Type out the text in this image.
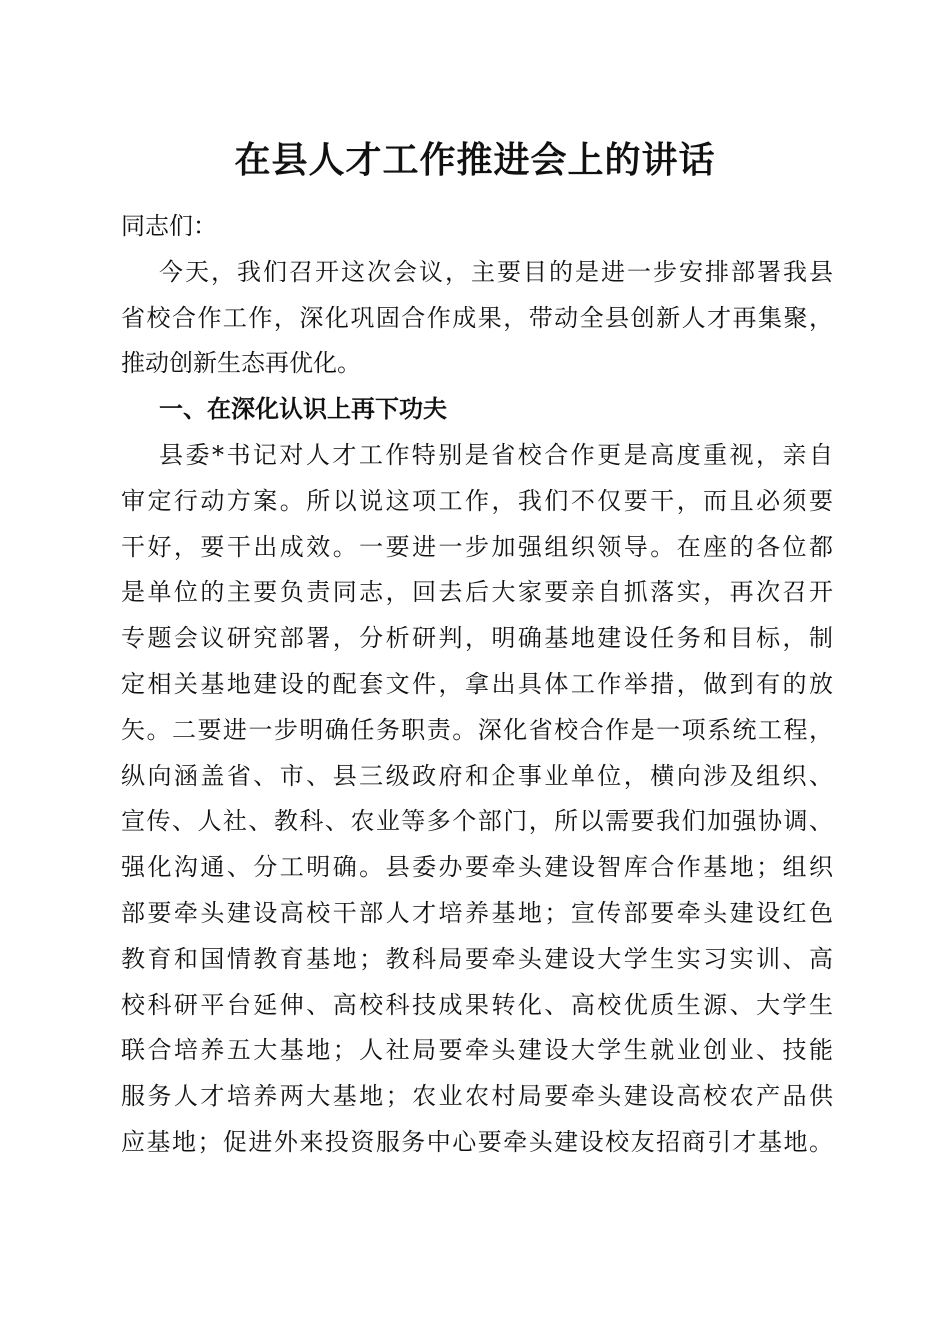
在县人才工作推进会上的讲话

同志们：

今天，我们召开这次会议，主要目的是进一步安排部署我县

省校合作工作，深化巩固合作成果，带动全县创新人才再集聚，

推动创新生态再优化。

一、在深化认识上再下功夫

县委*书记对人才工作特别是省校合作更是高度重视，亲自

审定行动方案。所以说这项工作，我们不仅要干，而且必须要

干好，要干出成效。一要进一步加强组织领导。在座的各位都

是单位的主要负责同志，回去后大家要亲自抓落实，再次召开

专题会议研究部署，分析研判，明确基地建设任务和目标，制

定相关基地建设的配套文件，拿出具体工作举措，做到有的放

矢。二要进一步明确任务职责。深化省校合作是一项系统工程，

纵向涵盖省、市、县三级政府和企事业单位，横向涉及组织、

宣传、人社、教科、农业等多个部门，所以需要我们加强协调、

强化沟通、分工明确。县委办要牵头建设智库合作基地；组织

部要牵头建设高校干部人才培养基地；宣传部要牵头建设红色

教育和国情教育基地；教科局要牵头建设大学生实习实训、高

校科研平台延伸、高校科技成果转化、高校优质生源、大学生

联合培养五大基地；人社局要牵头建设大学生就业创业、技能

服务人才培养两大基地；农业农村局要牵头建设高校农产品供

应基地；促进外来投资服务中心要牵头建设校友招商引才基地。
